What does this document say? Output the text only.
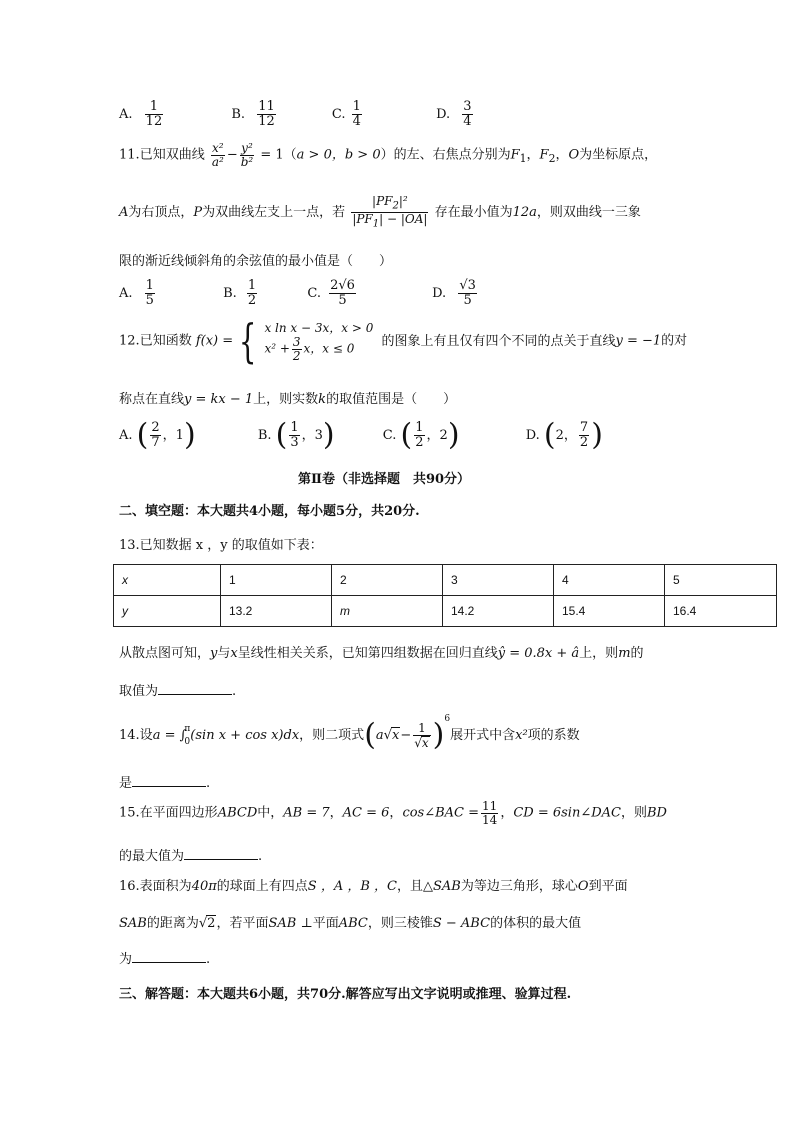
A. $\frac{1}{12}$	B. $\frac{11}{12}$	C. $\frac{1}{4}$	D. $\frac{3}{4}$
11.已知双曲线 $\frac{\text{x²}}{\text{a²}} - \frac{\text{y²}}{\text{b²}} = 1(a > 0$，b > 0）的左、右焦点分别为$F_1$，$F_2$，O为坐标原点，
A为右顶点，P为双曲线左支上一点，若 $\frac{|PF_2|^2}{|PF_1| - |OA|}$ 存在最小值为12a，则双曲线一三象
限的渐近线倾斜角的余弦值的最小值是（　　）
A. $\frac{1}{5}$	B. $\frac{1}{2}$	C. $\frac{2√6}{5}$	D. $\frac{√3}{5}$
12.已知函数 f(x) = { x ln x − 3x，x > 0
$x^2 + \frac{3}{2}$ x，x ≤ 0 的图象上有且仅有四个不同的点关于直线y = −1的对
称点在直线y = kx − 1上，则实数k的取值范围是（　　）
A. ( $\frac{2}{7}$ ，1)	B. ( $\frac{1}{3}$ ，3)	C. ( $\frac{1}{2}$ ，2)	D. (2， $\frac{7}{2}$ )
第Ⅱ卷（非选择题　共90分）
二、填空题：本大题共4小题，每小题5分，共20分.
13.已知数据 x ，y 的取值如下表：
x	1	2	3	4	5
y	13.2	m	14.2	15.4	16.4
从散点图可知，y与x呈线性相关关系，已知第四组数据在回归直线ŷ = 0.8x + â上，则m的
取值为	.
14.设a = ∫π
0(sin x + cos x)dx，则二项式$(a√x- \frac{1}{√x} )^6$展开式中含x²项的系数
是	.
15.在平面四边形ABCD中，AB = 7，AC = 6，cos∠BAC = $\frac{11}{14}$ ，CD = 6sin∠DAC，则BD
的最大值为	.
16.表面积为40π的球面上有四点S ，A ，B ，C，且△SAB为等边三角形，球心O到平面
SAB的距离为√2，若平面SAB ⊥平面ABC，则三棱锥S − ABC的体积的最大值
为	.
三、解答题：本大题共6小题，共70分.解答应写出文字说明或推理、验算过程.
